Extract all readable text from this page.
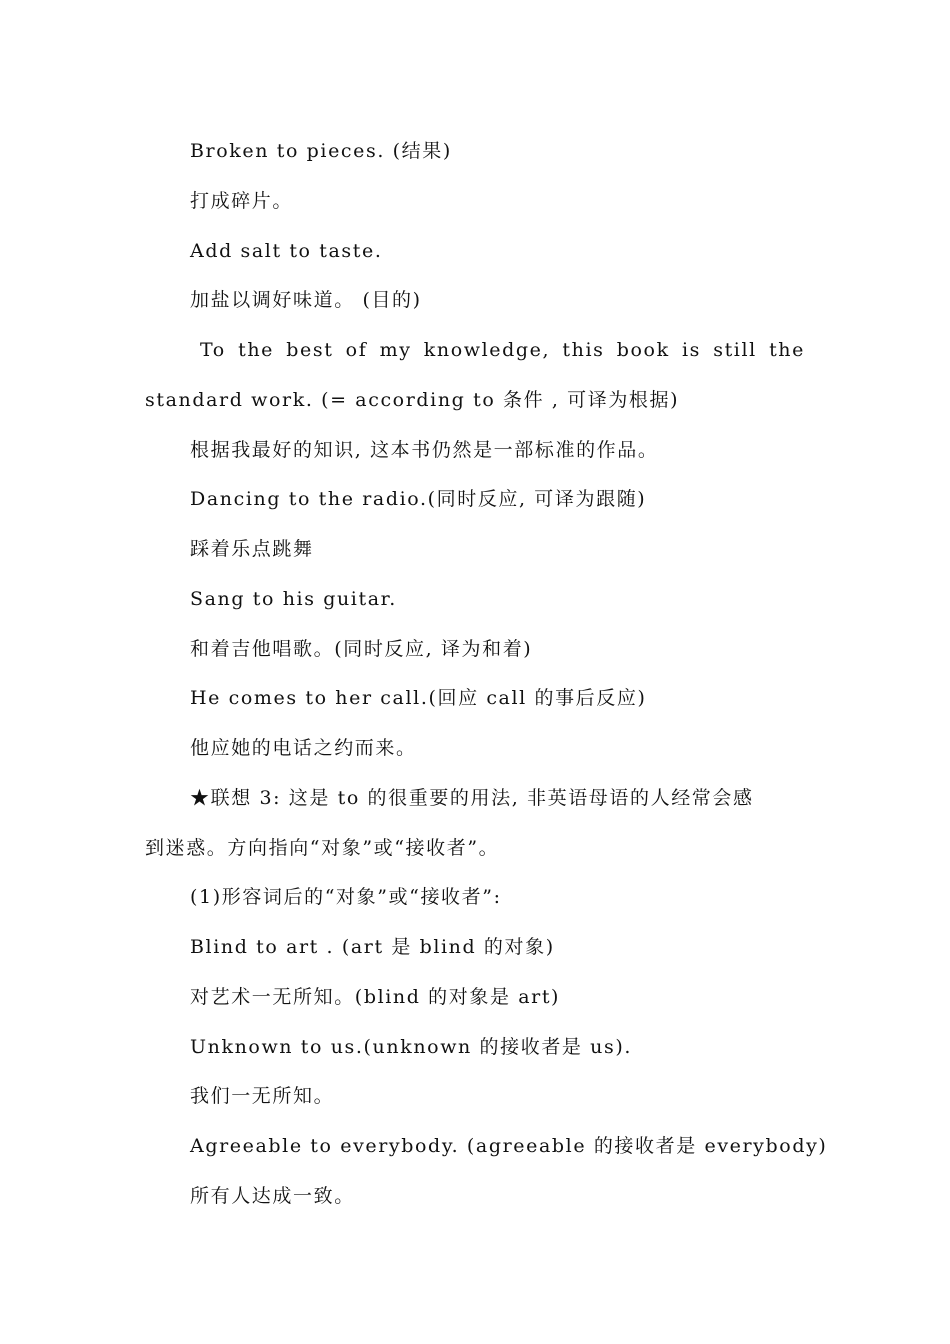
Broken to pieces. (结果)
打成碎片。
Add salt to taste.
加盐以调好味道。 (目的)
To the best of my knowledge, this book is still the
standard work. (= according to 条件 , 可译为根据)
根据我最好的知识, 这本书仍然是一部标准的作品。
Dancing to the radio.(同时反应, 可译为跟随)
踩着乐点跳舞
Sang to his guitar.
和着吉他唱歌。(同时反应, 译为和着)
He comes to her call.(回应 call 的事后反应)
他应她的电话之约而来。
★联想 3: 这是 to 的很重要的用法, 非英语母语的人经常会感
到迷惑。方向指向“对象”或“接收者”。
(1)形容词后的“对象”或“接收者”:
Blind to art . (art 是 blind 的对象)
对艺术一无所知。(blind 的对象是 art)
Unknown to us.(unknown 的接收者是 us).
我们一无所知。
Agreeable to everybody. (agreeable 的接收者是 everybody)
所有人达成一致。
